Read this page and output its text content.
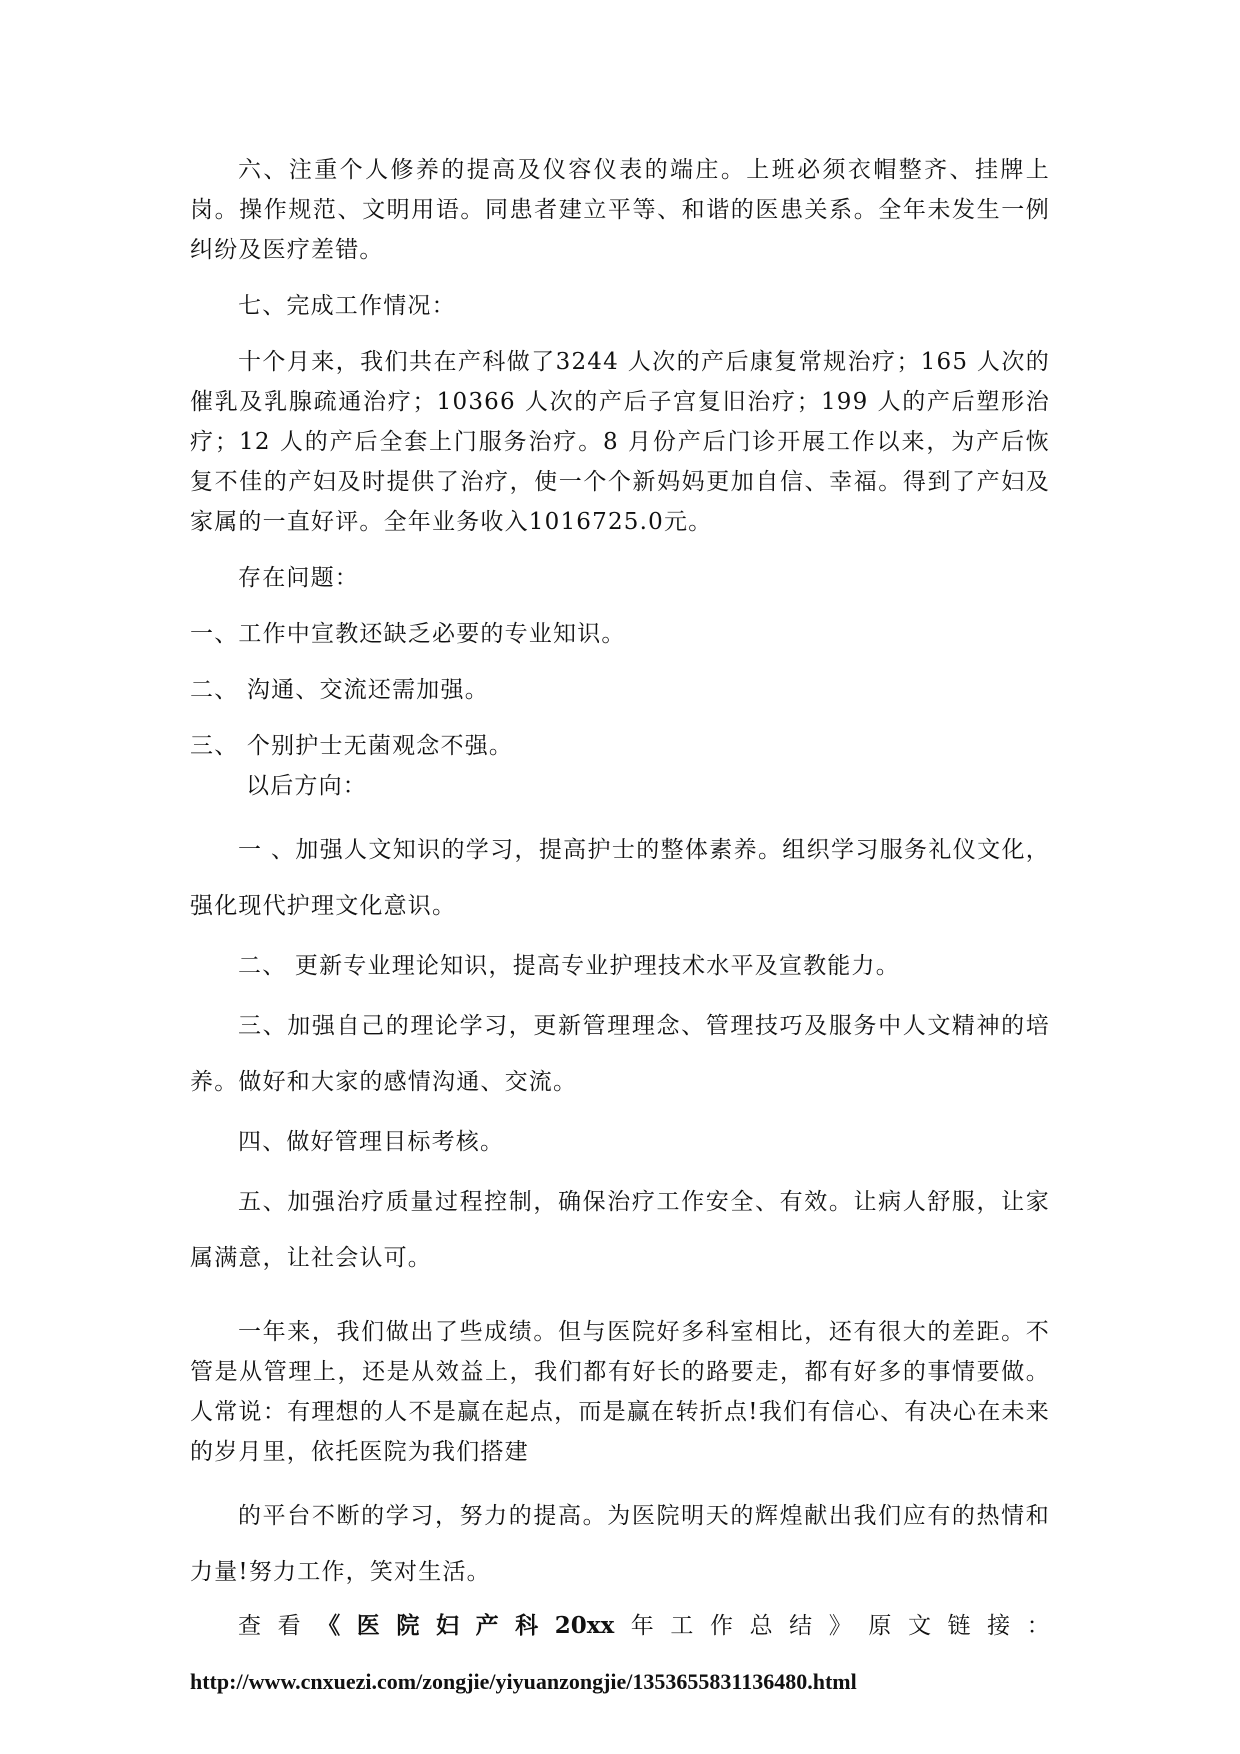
六、注重个人修养的提高及仪容仪表的端庄。上班必须衣帽整齐、挂牌上岗。操作规范、文明用语。同患者建立平等、和谐的医患关系。全年未发生一例纠纷及医疗差错。

七、完成工作情况：

十个月来，我们共在产科做了3244 人次的产后康复常规治疗；165 人次的催乳及乳腺疏通治疗；10366 人次的产后子宫复旧治疗；199 人的产后塑形治疗；12 人的产后全套上门服务治疗。8 月份产后门诊开展工作以来，为产后恢复不佳的产妇及时提供了治疗，使一个个新妈妈更加自信、幸福。得到了产妇及家属的一直好评。全年业务收入1016725.0元。

存在问题：

一、工作中宣教还缺乏必要的专业知识。

二、 沟通、交流还需加强。

三、 个别护士无菌观念不强。

以后方向：

一 、加强人文知识的学习，提高护士的整体素养。组织学习服务礼仪文化，强化现代护理文化意识。

二、 更新专业理论知识，提高专业护理技术水平及宣教能力。

三、加强自己的理论学习，更新管理理念、管理技巧及服务中人文精神的培养。做好和大家的感情沟通、交流。

四、做好管理目标考核。

五、加强治疗质量过程控制，确保治疗工作安全、有效。让病人舒服，让家属满意，让社会认可。

一年来，我们做出了些成绩。但与医院好多科室相比，还有很大的差距。不管是从管理上，还是从效益上，我们都有好长的路要走，都有好多的事情要做。人常说：有理想的人不是赢在起点，而是赢在转折点!我们有信心、有决心在未来的岁月里，依托医院为我们搭建

的平台不断的学习，努力的提高。为医院明天的辉煌献出我们应有的热情和力量!努力工作，笑对生活。

查 看 《 医 院 妇 产 科 20xx 年 工 作 总 结 》 原 文 链 接 ：

http://www.cnxuezi.com/zongjie/yiyuanzongjie/1353655831136480.html
